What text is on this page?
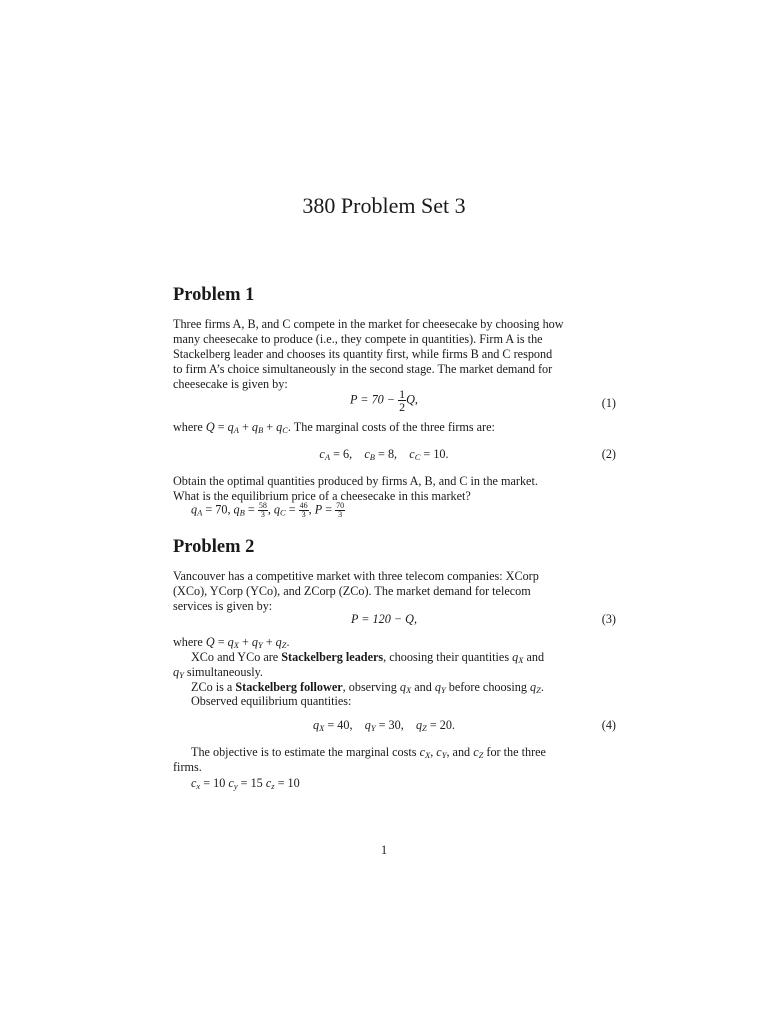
380 Problem Set 3
Problem 1
Three firms A, B, and C compete in the market for cheesecake by choosing how
many cheesecake to produce (i.e., they compete in quantities). Firm A is the
Stackelberg leader and chooses its quantity first, while firms B and C respond
to firm A’s choice simultaneously in the second stage. The market demand for
cheesecake is given by:
$P = 70 - \frac{1}{2} Q$,	(1)
where $Q = q_A + q_B + q_C$. The marginal costs of the three firms are:
$c_A = 6$, $c_B = 8$, $c_C = 10$.	(2)
Obtain the optimal quantities produced by firms A, B, and C in the market.
What is the equilibrium price of a cheesecake in this market?
$q_A = 70$, $q_B = \frac{58}{3}$ , $q_C = \frac{46}{3}$ , $P = \frac{70}{3}$
Problem 2
Vancouver has a competitive market with three telecom companies: XCorp
(XCo), YCorp (YCo), and ZCorp (ZCo). The market demand for telecom
services is given by:
P = 120 − Q,	(3)
where $Q = q_X + q_Y + q_Z$.
XCo and YCo are Stackelberg leaders, choosing their quantities $q_X$ and
$q_Y$ simultaneously.
ZCo is a Stackelberg follower, observing $q_X$ and $q_Y$ before choosing $q_Z$.
Observed equilibrium quantities:
$q_X = 40$, $q_Y = 30$, $q_Z = 20$.	(4)
The objective is to estimate the marginal costs $c_X$, $c_Y$, and $c_Z$ for the three
firms.
$c_x = 10$ $c_y = 15$ $c_z = 10$
1
